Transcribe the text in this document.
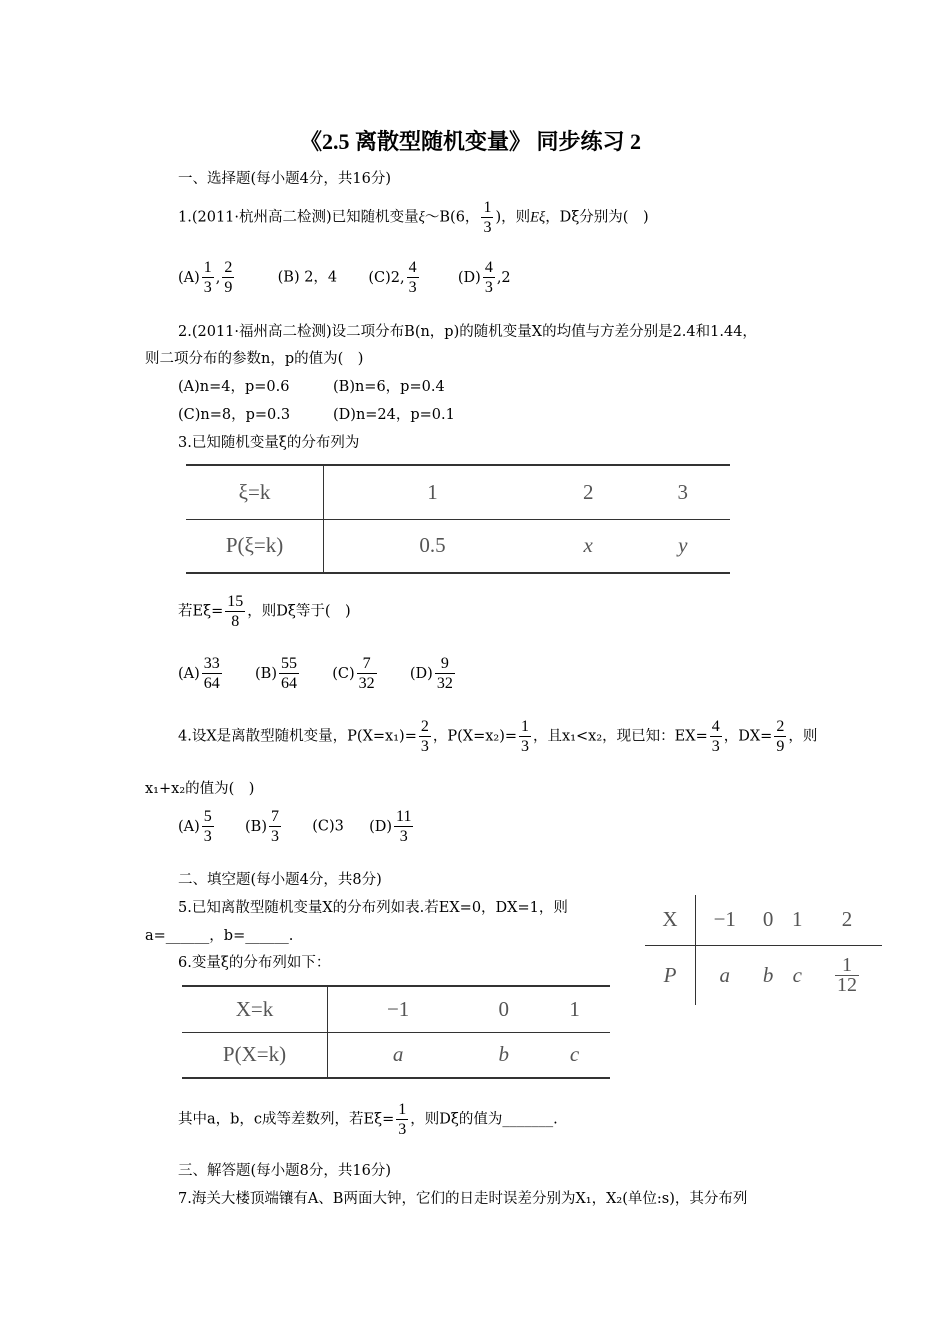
《2.5 离散型随机变量》 同步练习 2
一、选择题(每小题4分，共16分)
1.(2011·杭州高二检测)已知随机变量ξ～B(6， $\frac{1}{3}$ )，则Eξ，Dξ分别为(　)
$(A) \frac{1}{3}$ , $\frac{2}{9}$	(B) 2，4 (C)2, $\frac{4}{3}$	$(D) \frac{4}{3} ,2$
2.(2011·福州高二检测)设二项分布B(n，p)的随机变量X的均值与方差分别是2.4和1.44，
则二项分布的参数n，p的值为(　)
(A)n=4，p=0.6	(B)n=6，p=0.4
(C)n=8，p=0.3	(D)n=24，p=0.1
3.已知随机变量ξ的分布列为
ξ=k	1	2	3
P(ξ=k)	0.5	x	y
若$E\xi= \frac{15}{8}$ ，则Dξ等于(　)
$(A) \frac{33}{64} (B) \frac{55}{64} (C) \frac{7}{32} (D) \frac{9}{32}$
4.设X是离散型随机变量，$P(X=x_1)= \frac{2}{3}$ ，$P(X=x_2)= \frac{1}{3}$ ，且x₁<x₂，现已知：$EX= \frac{4}{3}$ ，$DX= \frac{2}{9}$ ，则
x₁+x₂的值为(　)
$(A) \frac{5}{3} (B) \frac{7}{3} (C)3$ $(D) \frac{11}{3}$
二、填空题(每小题4分，共8分)
5.已知离散型随机变量X的分布列如表.若EX=0，DX=1，则
a=______，b=______.
X	−1	0	1	2
P	a	b	c	$\frac{1}{12}$
6.变量ξ的分布列如下：
X=k	−1	0	1
P(X=k)	a	b	c
其中a，b，c成等差数列，若$E\xi= \frac{1}{3}$ ，则Dξ的值为_______.
三、解答题(每小题8分，共16分)
7.海关大楼顶端镶有A、B两面大钟，它们的日走时误差分别为X₁，X₂(单位:s)，其分布列
